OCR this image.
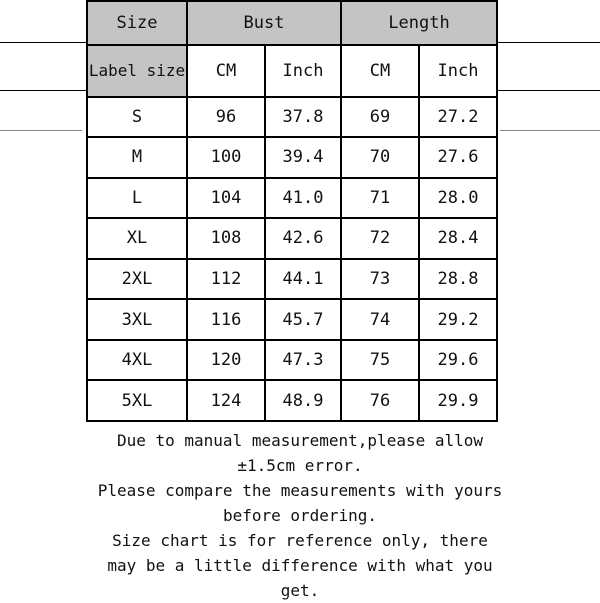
Size	Bust		Length	
Label size	CM	Inch	CM	Inch
S	96	37.8	69	27.2
M	100	39.4	70	27.6
L	104	41.0	71	28.0
XL	108	42.6	72	28.4
2XL	112	44.1	73	28.8
3XL	116	45.7	74	29.2
4XL	120	47.3	75	29.6
5XL	124	48.9	76	29.9
Due to manual measurement,please allow
±1.5cm error.
Please compare the measurements with yours
before ordering.
Size chart is for reference only, there
may be a little difference with what you
get.
